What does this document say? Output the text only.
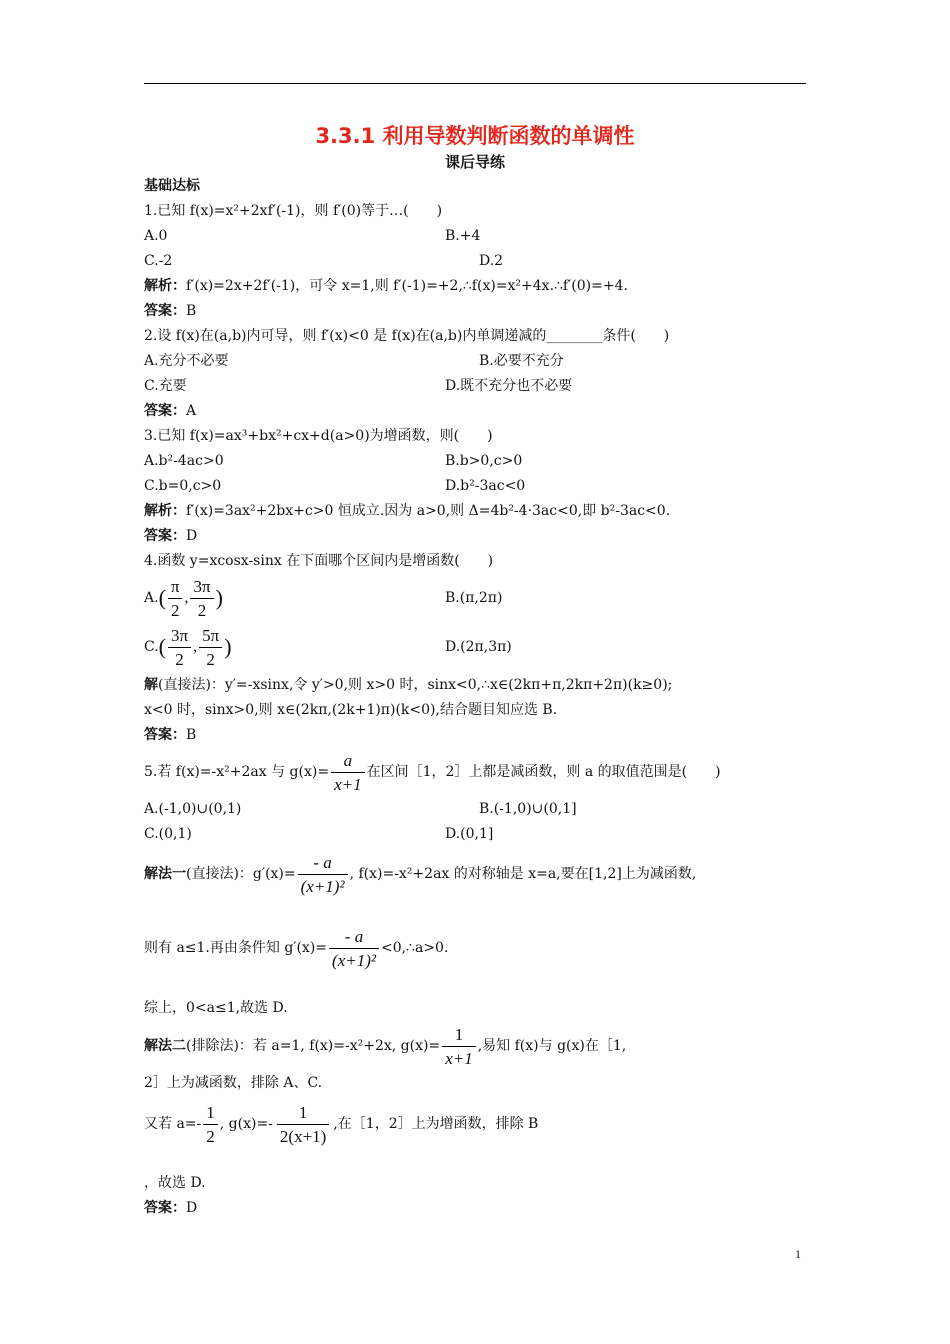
3.3.1 利用导数判断函数的单调性
课后导练
基础达标
1.已知 f(x)=x²+2xf′(-1)，则 f′(0)等于…(　　)
A.0	B.+4
C.-2	D.2
解析：f′(x)=2x+2f′(-1)，可令 x=1,则 f′(-1)=+2,∴f(x)=x²+4x.∴f′(0)=+4.
答案：B
2.设 f(x)在(a,b)内可导，则 f′(x)<0 是 f(x)在(a,b)内单调递减的________条件(　　)
A.充分不必要	B.必要不充分
C.充要	D.既不充分也不必要
答案：A
3.已知 f(x)=ax³+bx²+cx+d(a>0)为增函数，则(　　)
A.b²-4ac>0	B.b>0,c>0
C.b=0,c>0	D.b²-3ac<0
解析：f′(x)=3ax²+2bx+c>0 恒成立.因为 a>0,则 Δ=4b²-4·3ac<0,即 b²-3ac<0.
答案：D
4.函数 y=xcosx-sinx 在下面哪个区间内是增函数(　　)
$A.( \frac{\pi}{2}$ , $\frac{3\pi}{2}$ )	B.(π,2π)
$C.( \frac{3\pi}{2}$ , $\frac{5\pi}{2}$ )	D.(2π,3π)
解(直接法)：y′=-xsinx,令 y′>0,则 x>0 时，sinx<0,∴x∈(2kπ+π,2kπ+2π)(k≥0);
x<0 时，sinx>0,则 x∈(2kπ,(2k+1)π)(k<0),结合题目知应选 B.
答案：B
5.若 f(x)=-x²+2ax 与 $g(x)= \frac{a}{x+1}$ 在区间［1，2］上都是减函数，则 a 的取值范围是(　　)
A.(-1,0)∪(0,1)	B.(-1,0)∪(0,1]
C.(0,1)	D.(0,1]
解法一(直接法)：$g'(x)= \frac{- a}{\text{(x+1)²}}$ , f(x)=-x²+2ax 的对称轴是 x=a,要在[1,2]上为减函数,
则有 a≤1.再由条件知 $g'(x)= \frac{- a}{\text{(x+1)²}}$ <0,∴a>0.
综上，0<a≤1,故选 D.
解法二(排除法)：若 a=1, f(x)=-x²+2x, $g(x)= \frac{1}{x+1}$ ,易知 f(x)与 g(x)在［1,
2］上为减函数，排除 A、C.
又若 $a=- \frac{1}{2}$ , $g(x)=- \frac{1}{2(x+1)}$ ,在［1，2］上为增函数，排除 B
，故选 D.
答案：D
1
